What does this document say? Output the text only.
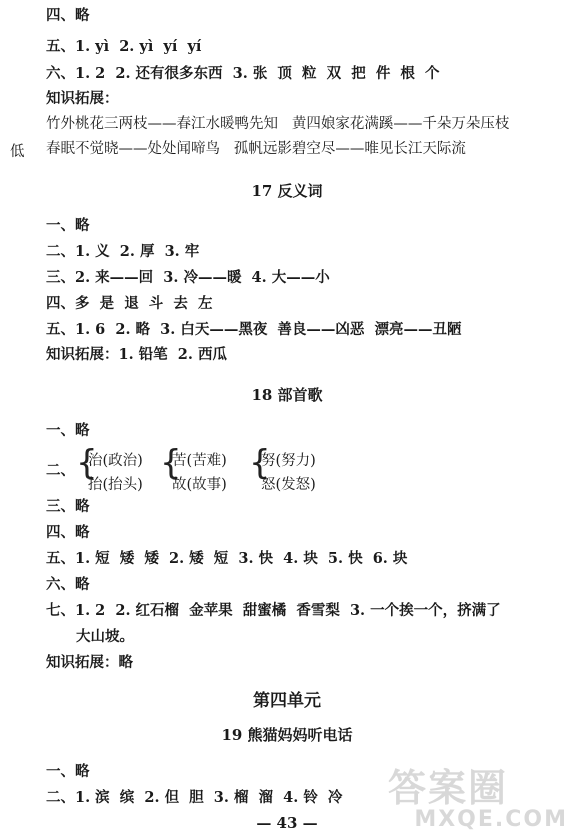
四、略
五、1. yì  2. yì  yí  yí
六、1. 2  2. 还有很多东西  3. 张  顶  粒  双  把  件  根  个
知识拓展：
竹外桃花三两枝——春江水暖鸭先知   黄四娘家花满蹊——千朵万朵压枝
低 春眠不觉晓——处处闻啼鸟   孤帆远影碧空尽——唯见长江天际流
17 反义词
一、略
二、1. 义  2. 厚  3. 牢
三、2. 来——回  3. 冷——暖  4. 大——小
四、多  是  退  斗  去  左
五、1. 6  2. 略  3. 白天——黑夜  善良——凶恶  漂亮——丑陋
知识拓展：1. 铅笔  2. 西瓜
18 部首歌
一、略
二、 {
治(政治)
抬(抬头)
{
苦(苦难)
故(故事)
{
努(努力)
怒(发怒)
三、略
四、略
五、1. 短  矮  矮  2. 矮  短  3. 快  4. 块  5. 快  6. 块
六、略
七、1. 2  2. 红石榴  金苹果  甜蜜橘  香雪梨  3. 一个挨一个，挤满了
大山坡。
知识拓展：略
第四单元
19 熊猫妈妈听电话
一、略
二、1. 滨  缤  2. 但  胆  3. 榴  溜  4. 铃  冷
— 43 —
答案圈
MXQE.COM
